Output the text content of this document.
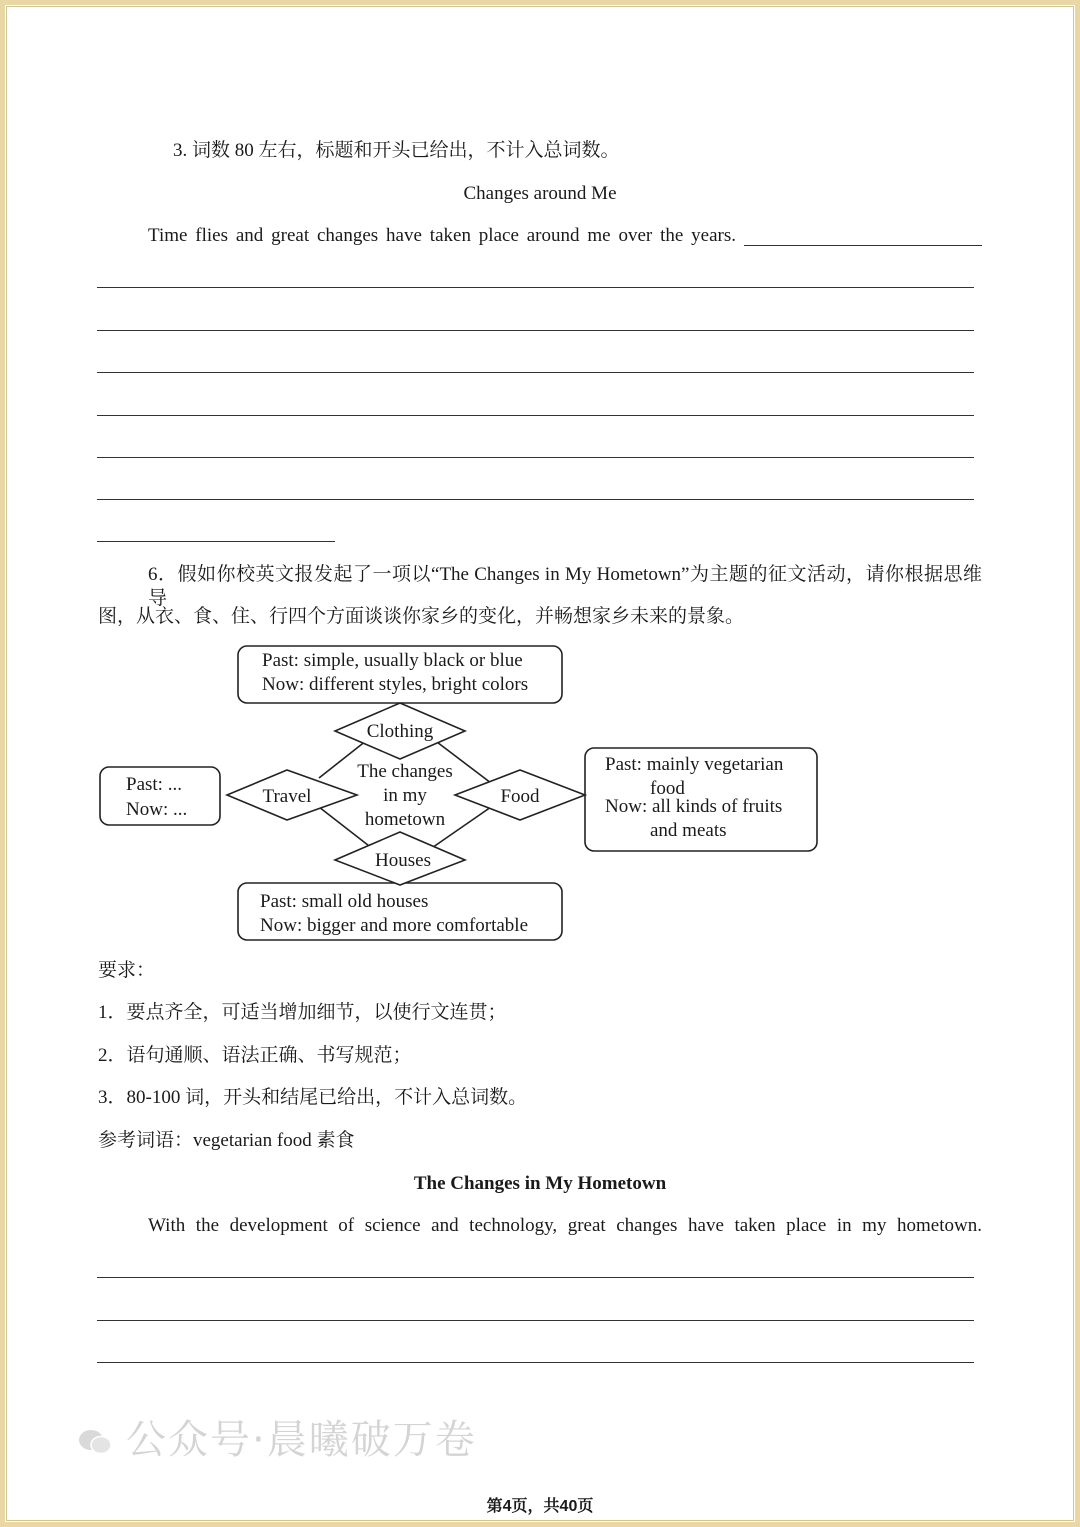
3. 词数 80 左右，标题和开头已给出，不计入总词数。
Changes around Me
Time flies and great changes have taken place around me over the years.
6．假如你校英文报发起了一项以“The Changes in My Hometown”为主题的征文活动，请你根据思维导
图，从衣、食、住、行四个方面谈谈你家乡的变化，并畅想家乡未来的景象。
Past: simple, usually black or blue
Now: different styles, bright colors
Past: small old houses
Now: bigger and more comfortable
Past: ...
Now: ...
Past: mainly vegetarian
food
Now: all kinds of fruits
and meats
Clothing
Houses
Travel	Food
The changes
in my
hometown
要求：
1．要点齐全，可适当增加细节，以使行文连贯；
2．语句通顺、语法正确、书写规范；
3．80-100 词，开头和结尾已给出，不计入总词数。
参考词语：vegetarian food 素食
The Changes in My Hometown
With the development of science and technology, great changes have taken place in my hometown.
公众号·晨曦破万卷
第4页，共40页
